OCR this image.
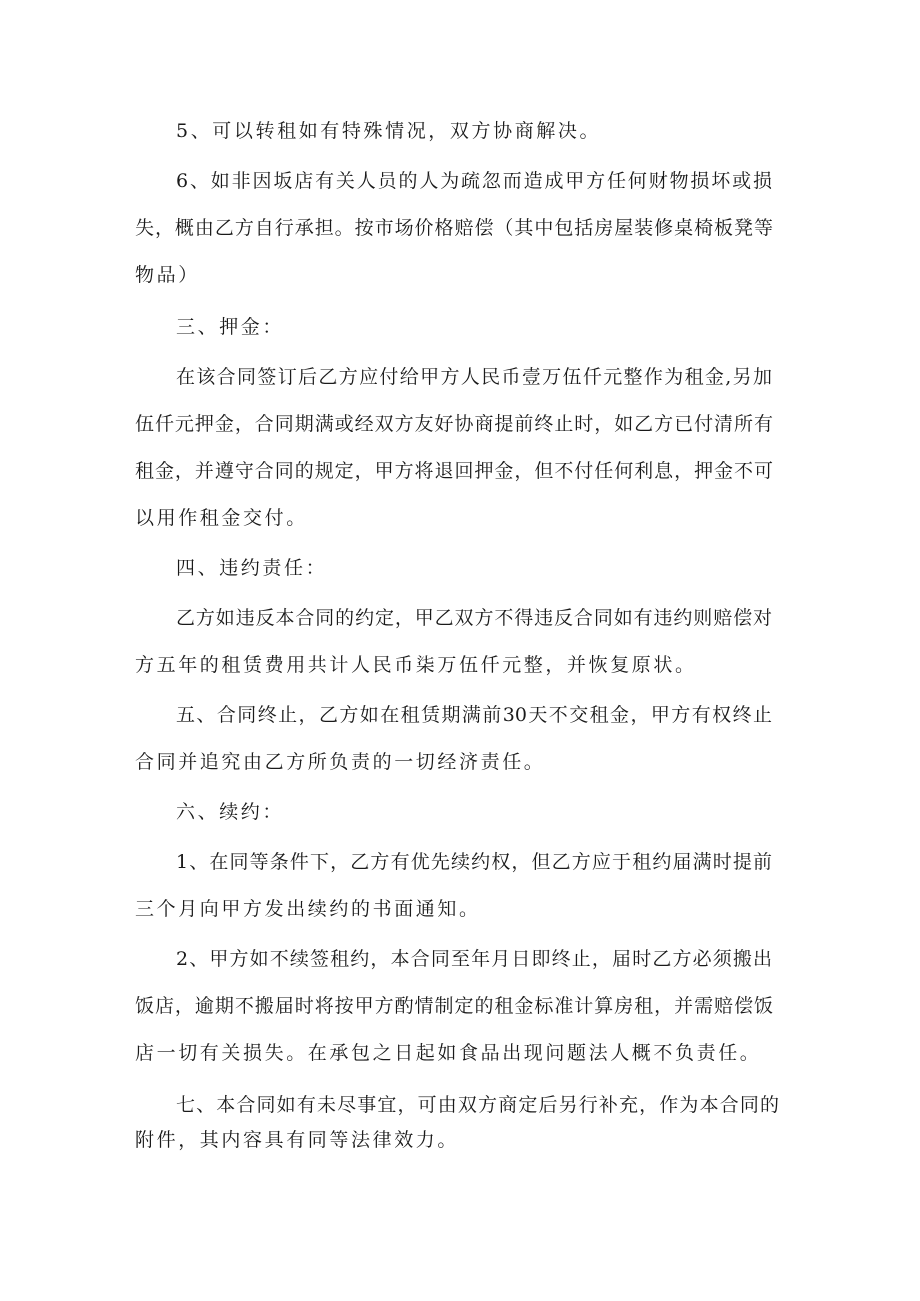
5、可以转租如有特殊情况，双方协商解决。

6、如非因坂店有关人员的人为疏忽而造成甲方任何财物损坏或损

失，概由乙方自行承担。按市场价格赔偿（其中包括房屋装修桌椅板凳等

物品）

三、押金：

在该合同签订后乙方应付给甲方人民币壹万伍仟元整作为租金,另加

伍仟元押金，合同期满或经双方友好协商提前终止时，如乙方已付清所有

租金，并遵守合同的规定，甲方将退回押金，但不付任何利息，押金不可

以用作租金交付。

四、违约责任：

乙方如违反本合同的约定，甲乙双方不得违反合同如有违约则赔偿对

方五年的租赁费用共计人民币柒万伍仟元整，并恢复原状。

五、合同终止，乙方如在租赁期满前30天不交租金，甲方有权终止

合同并追究由乙方所负责的一切经济责任。

六、续约：

1、在同等条件下，乙方有优先续约权，但乙方应于租约届满时提前

三个月向甲方发出续约的书面通知。

2、甲方如不续签租约，本合同至年月日即终止，届时乙方必须搬出

饭店，逾期不搬届时将按甲方酌情制定的租金标准计算房租，并需赔偿饭

店一切有关损失。在承包之日起如食品出现问题法人概不负责任。

七、本合同如有未尽事宜，可由双方商定后另行补充，作为本合同的

附件，其内容具有同等法律效力。
